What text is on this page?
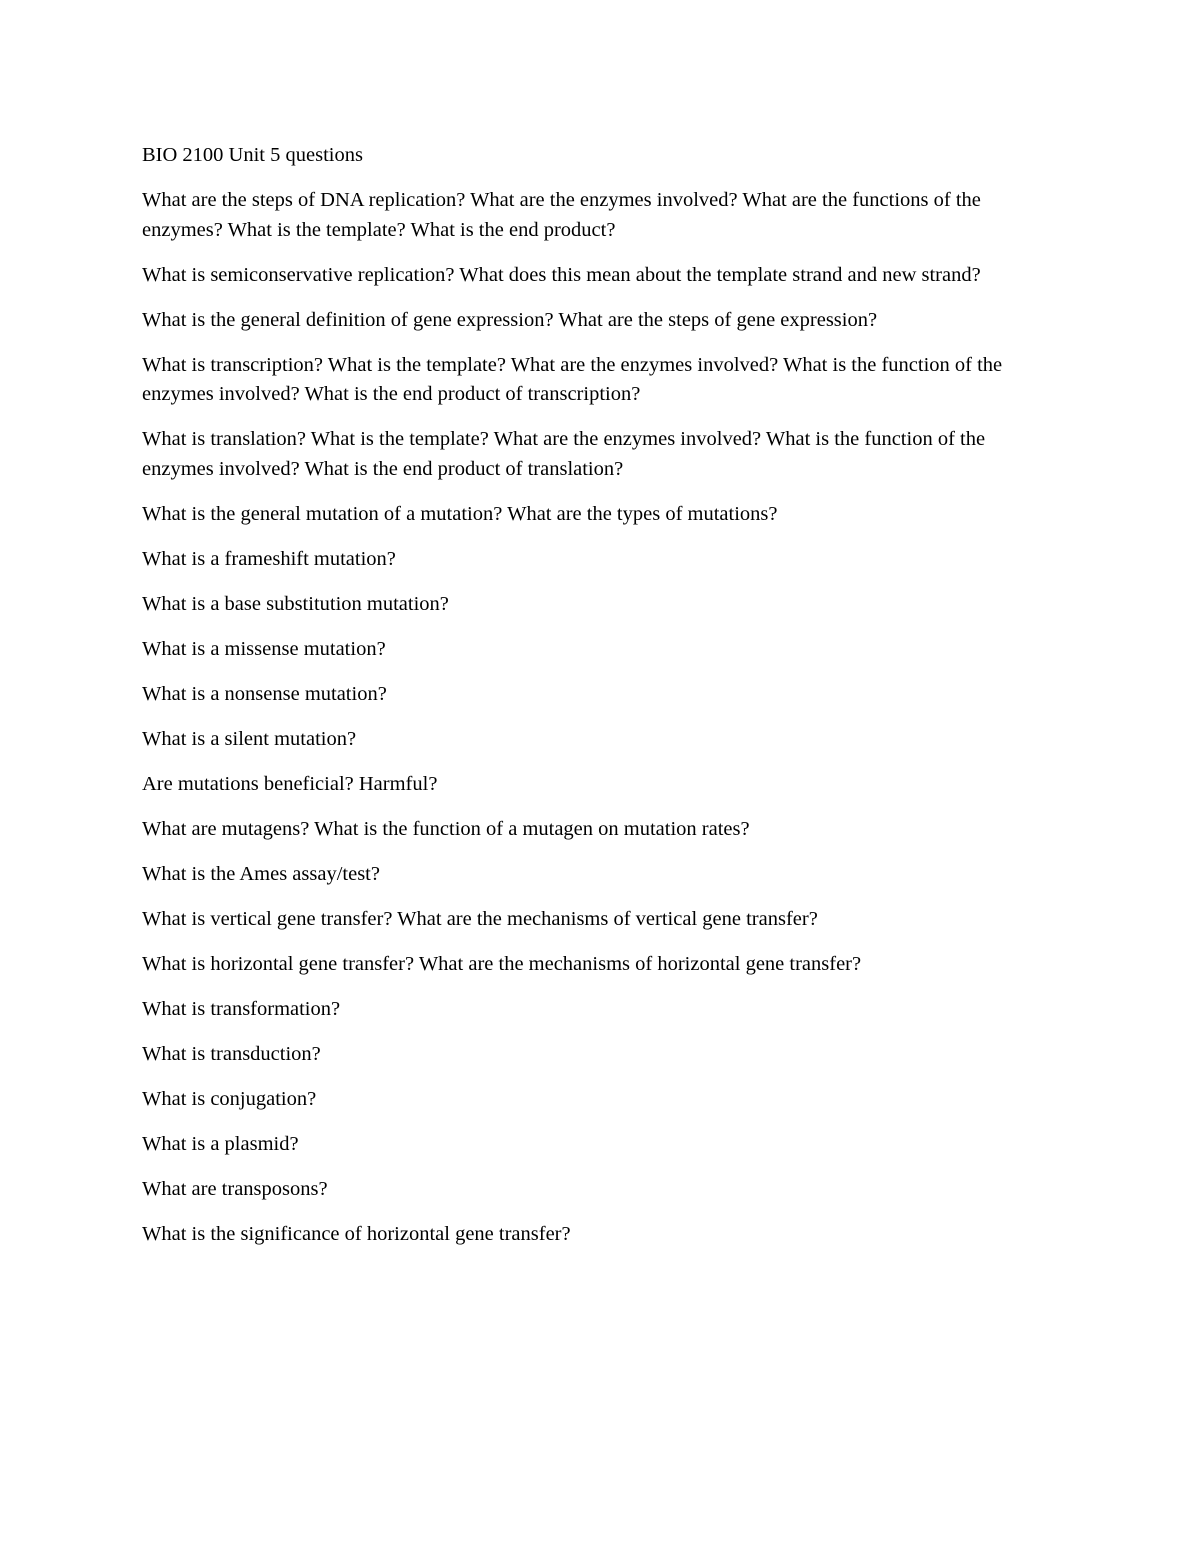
BIO 2100 Unit 5 questions

What are the steps of DNA replication? What are the enzymes involved? What are the functions of the enzymes? What is the template? What is the end product?

What is semiconservative replication? What does this mean about the template strand and new strand?

What is the general definition of gene expression? What are the steps of gene expression?

What is transcription? What is the template? What are the enzymes involved? What is the function of the enzymes involved? What is the end product of transcription?

What is translation? What is the template? What are the enzymes involved? What is the function of the enzymes involved? What is the end product of translation?

What is the general mutation of a mutation? What are the types of mutations?

What is a frameshift mutation?

What is a base substitution mutation?

What is a missense mutation?

What is a nonsense mutation?

What is a silent mutation?

Are mutations beneficial? Harmful?

What are mutagens? What is the function of a mutagen on mutation rates?

What is the Ames assay/test?

What is vertical gene transfer? What are the mechanisms of vertical gene transfer?

What is horizontal gene transfer? What are the mechanisms of horizontal gene transfer?

What is transformation?

What is transduction?

What is conjugation?

What is a plasmid?

What are transposons?

What is the significance of horizontal gene transfer?
